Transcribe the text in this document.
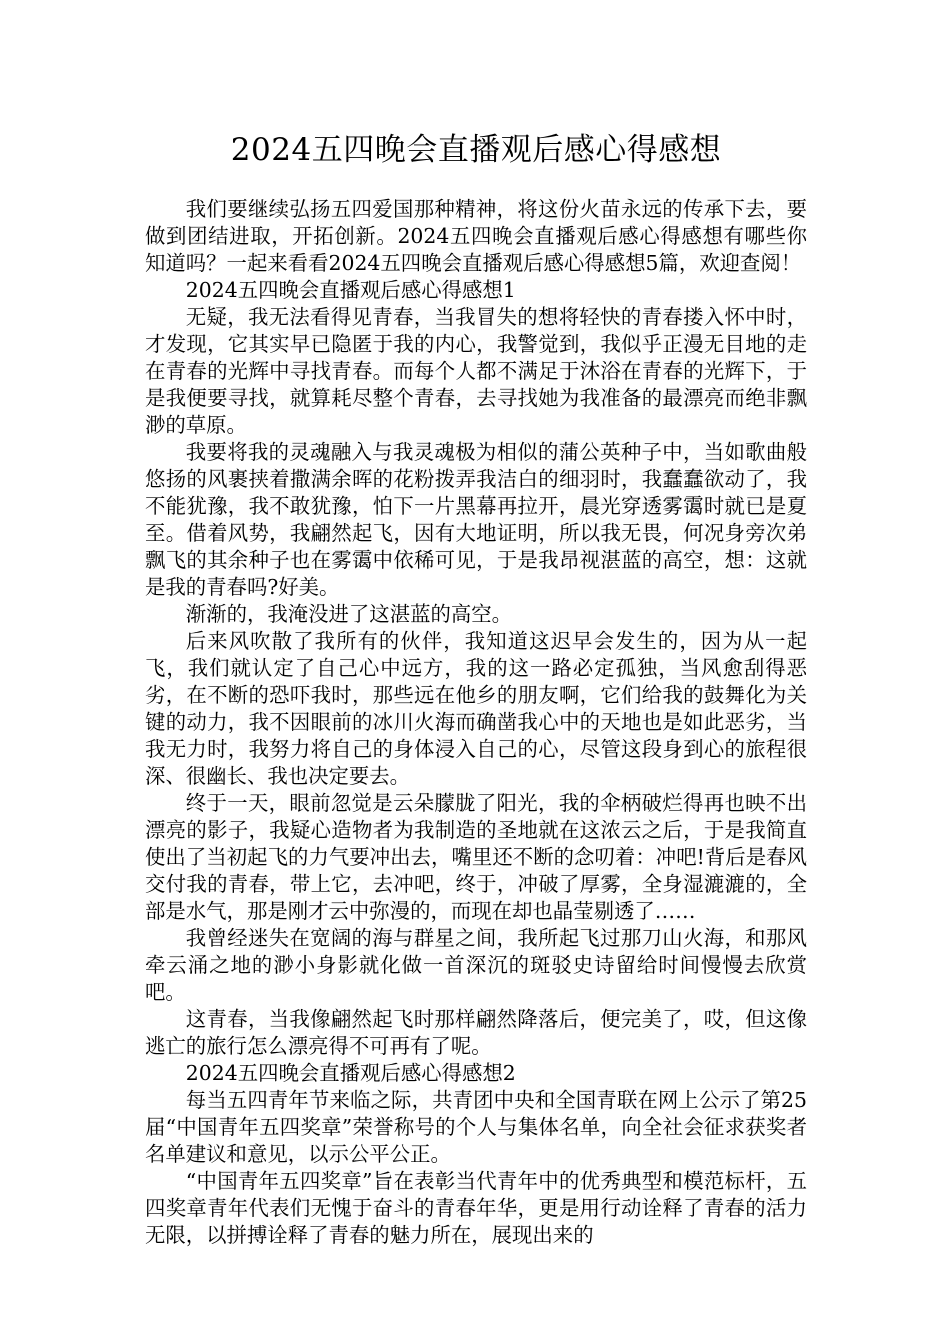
2024五四晚会直播观后感心得感想

我们要继续弘扬五四爱国那种精神，将这份火苗永远的传承下去，要做到团结进取，开拓创新。2024五四晚会直播观后感心得感想有哪些你知道吗？一起来看看2024五四晚会直播观后感心得感想5篇，欢迎查阅！

2024五四晚会直播观后感心得感想1

无疑，我无法看得见青春，当我冒失的想将轻快的青春搂入怀中时，才发现，它其实早已隐匿于我的内心，我警觉到，我似乎正漫无目地的走在青春的光辉中寻找青春。而每个人都不满足于沐浴在青春的光辉下，于是我便要寻找，就算耗尽整个青春，去寻找她为我准备的最漂亮而绝非飘渺的草原。

我要将我的灵魂融入与我灵魂极为相似的蒲公英种子中，当如歌曲般悠扬的风裹挟着撒满余晖的花粉拨弄我洁白的细羽时，我蠢蠢欲动了，我不能犹豫，我不敢犹豫，怕下一片黑幕再拉开，晨光穿透雾霭时就已是夏至。借着风势，我翩然起飞，因有大地证明，所以我无畏，何况身旁次弟飘飞的其余种子也在雾霭中依稀可见，于是我昂视湛蓝的高空，想：这就是我的青春吗?好美。

渐渐的，我淹没进了这湛蓝的高空。

后来风吹散了我所有的伙伴，我知道这迟早会发生的，因为从一起飞，我们就认定了自己心中远方，我的这一路必定孤独，当风愈刮得恶劣，在不断的恐吓我时，那些远在他乡的朋友啊，它们给我的鼓舞化为关键的动力，我不因眼前的冰川火海而确凿我心中的天地也是如此恶劣，当我无力时，我努力将自己的身体浸入自己的心，尽管这段身到心的旅程很深、很幽长、我也决定要去。

终于一天，眼前忽觉是云朵朦胧了阳光，我的伞柄破烂得再也映不出漂亮的影子，我疑心造物者为我制造的圣地就在这浓云之后，于是我简直使出了当初起飞的力气要冲出去，嘴里还不断的念叨着：冲吧!背后是春风交付我的青春，带上它，去冲吧，终于，冲破了厚雾，全身湿漉漉的，全部是水气，那是刚才云中弥漫的，而现在却也晶莹剔透了……

我曾经迷失在宽阔的海与群星之间，我所起飞过那刀山火海，和那风牵云涌之地的渺小身影就化做一首深沉的斑驳史诗留给时间慢慢去欣赏吧。

这青春，当我像翩然起飞时那样翩然降落后，便完美了，哎，但这像逃亡的旅行怎么漂亮得不可再有了呢。

2024五四晚会直播观后感心得感想2

每当五四青年节来临之际，共青团中央和全国青联在网上公示了第25届“中国青年五四奖章”荣誉称号的个人与集体名单，向全社会征求获奖者名单建议和意见，以示公平公正。

“中国青年五四奖章”旨在表彰当代青年中的优秀典型和模范标杆，五四奖章青年代表们无愧于奋斗的青春年华，更是用行动诠释了青春的活力无限，以拼搏诠释了青春的魅力所在，展现出来的
